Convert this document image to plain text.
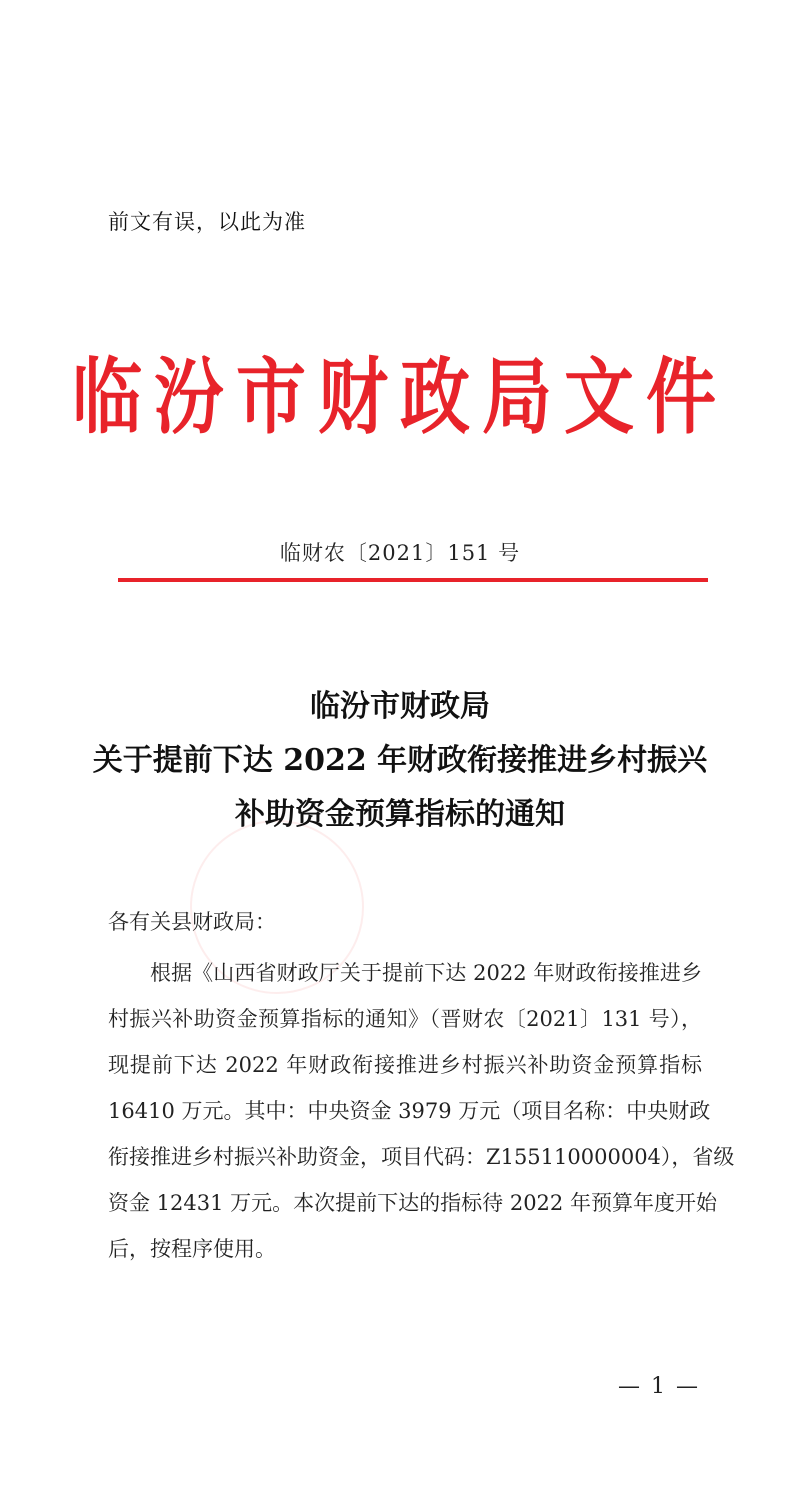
前文有误，以此为准
临汾市财政局文件
临财农〔2021〕151 号
临汾市财政局
关于提前下达 2022 年财政衔接推进乡村振兴
补助资金预算指标的通知
各有关县财政局：
根据《山西省财政厅关于提前下达 2022 年财政衔接推进乡
村振兴补助资金预算指标的通知》（晋财农〔2021〕131 号），
现提前下达 2022 年财政衔接推进乡村振兴补助资金预算指标
16410 万元。其中：中央资金 3979 万元（项目名称：中央财政
衔接推进乡村振兴补助资金，项目代码：Z155110000004），省级
资金 12431 万元。本次提前下达的指标待 2022 年预算年度开始
后，按程序使用。
— 1 —
